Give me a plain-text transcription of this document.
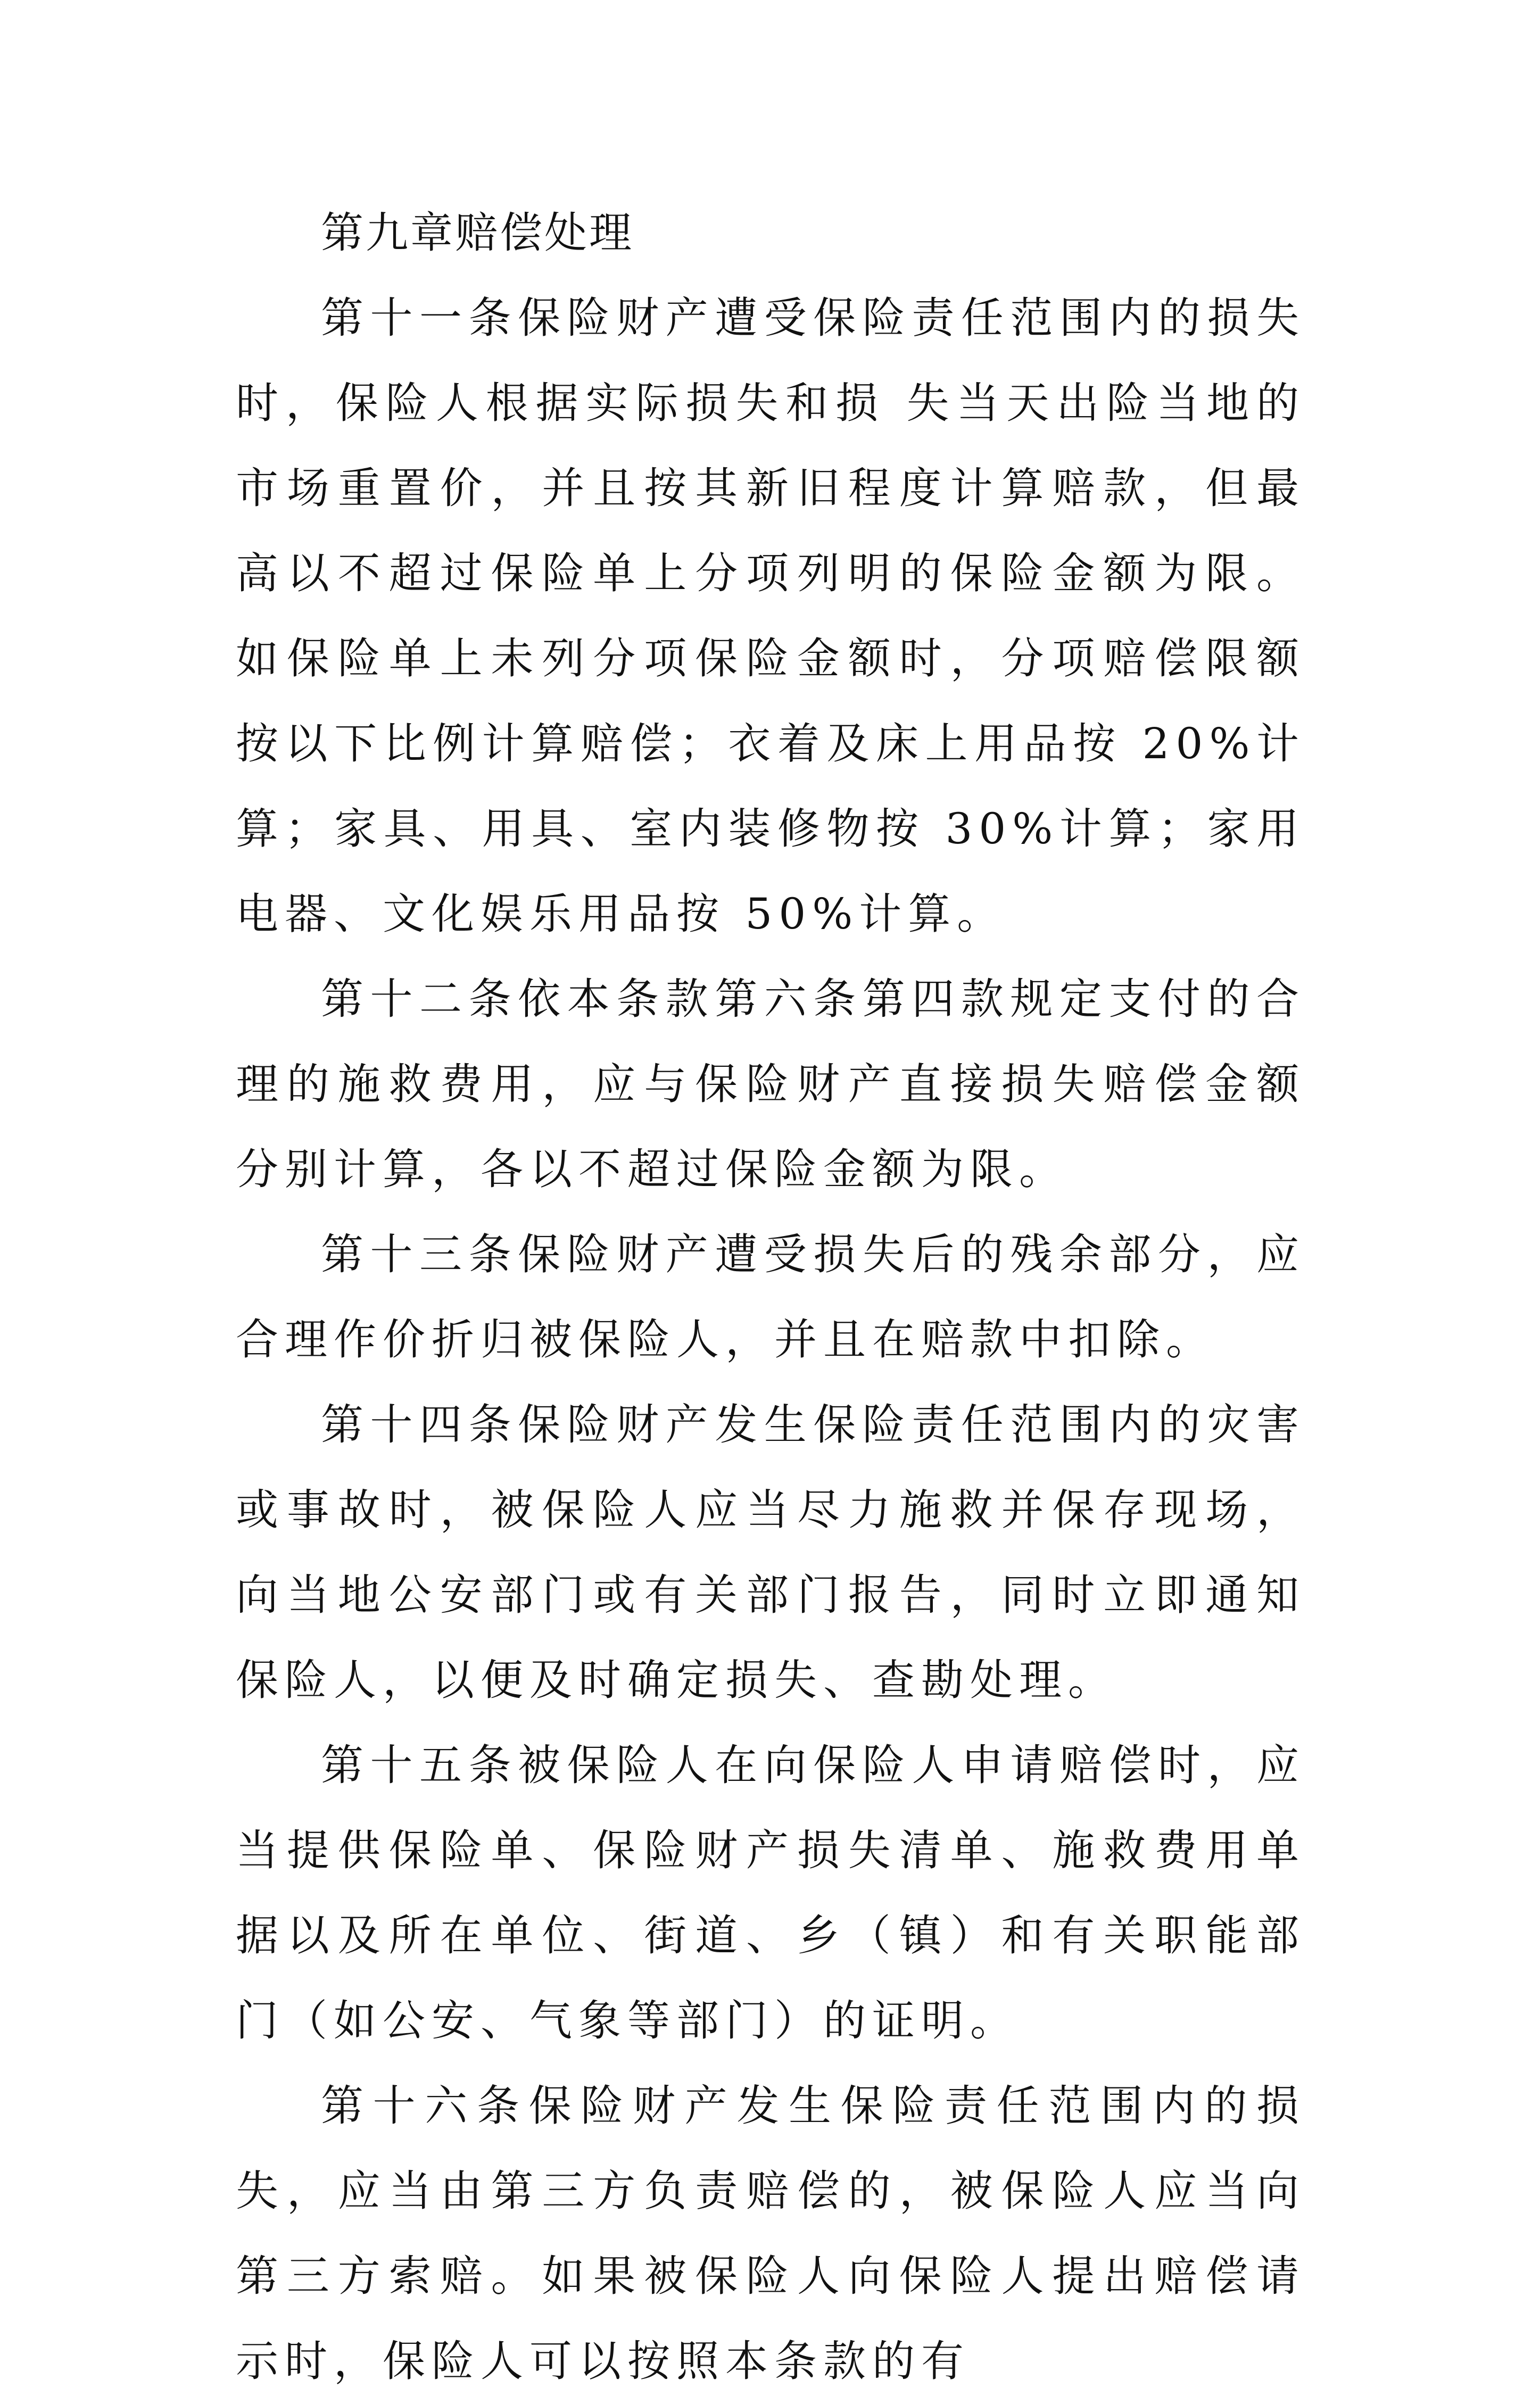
第九章赔偿处理

第十一条保险财产遭受保险责任范围内的损失时，保险人根据实际损失和损 失当天出险当地的市场重置价，并且按其新旧程度计算赔款，但最高以不超过保险单上分项列明的保险金额为限。如保险单上未列分项保险金额时，分项赔偿限额按以下比例计算赔偿；衣着及床上用品按 20%计算；家具、用具、室内装修物按 30%计算；家用电器、文化娱乐用品按 50%计算。

第十二条依本条款第六条第四款规定支付的合理的施救费用，应与保险财产直接损失赔偿金额分别计算，各以不超过保险金额为限。

第十三条保险财产遭受损失后的残余部分，应合理作价折归被保险人，并且在赔款中扣除。

第十四条保险财产发生保险责任范围内的灾害或事故时，被保险人应当尽力施救并保存现场，向当地公安部门或有关部门报告，同时立即通知保险人，以便及时确定损失、查勘处理。

第十五条被保险人在向保险人申请赔偿时，应当提供保险单、保险财产损失清单、施救费用单据以及所在单位、街道、乡（镇）和有关职能部门（如公安、气象等部门）的证明。

第十六条保险财产发生保险责任范围内的损失，应当由第三方负责赔偿的，被保险人应当向第三方索赔。如果被保险人向保险人提出赔偿请示时，保险人可以按照本条款的有
